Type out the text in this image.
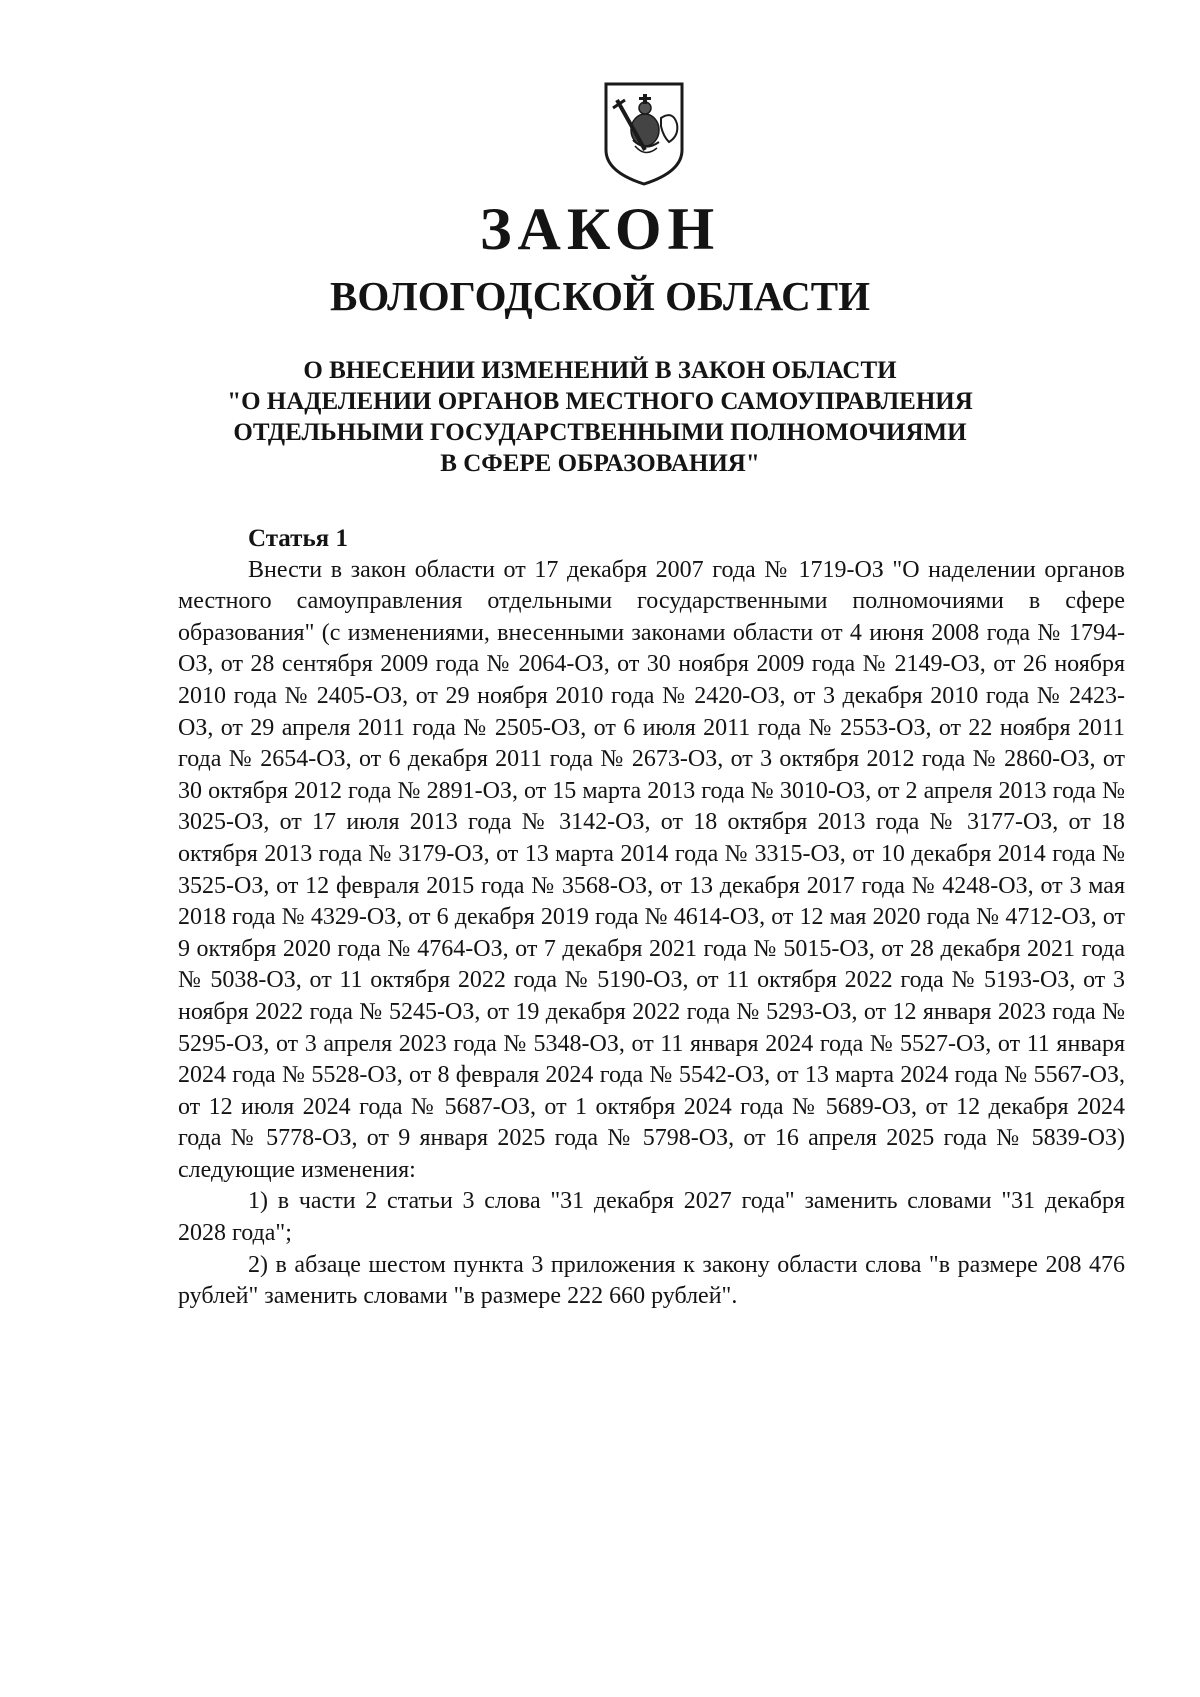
ЗАКОН
ВОЛОГОДСКОЙ ОБЛАСТИ
О ВНЕСЕНИИ ИЗМЕНЕНИЙ В ЗАКОН ОБЛАСТИ
"О НАДЕЛЕНИИ ОРГАНОВ МЕСТНОГО САМОУПРАВЛЕНИЯ
ОТДЕЛЬНЫМИ ГОСУДАРСТВЕННЫМИ ПОЛНОМОЧИЯМИ
В СФЕРЕ ОБРАЗОВАНИЯ"
Статья 1

Внести в закон области от 17 декабря 2007 года № 1719-ОЗ "О наделении органов местного самоуправления отдельными государственными полномочиями в сфере образования" (с изменениями, внесенными законами области от 4 июня 2008 года № 1794-ОЗ, от 28 сентября 2009 года № 2064-ОЗ, от 30 ноября 2009 года № 2149-ОЗ, от 26 ноября 2010 года № 2405-ОЗ, от 29 ноября 2010 года № 2420-ОЗ, от 3 декабря 2010 года № 2423-ОЗ, от 29 апреля 2011 года № 2505-ОЗ, от 6 июля 2011 года № 2553-ОЗ, от 22 ноября 2011 года № 2654-ОЗ, от 6 декабря 2011 года № 2673-ОЗ, от 3 октября 2012 года № 2860-ОЗ, от 30 октября 2012 года № 2891-ОЗ, от 15 марта 2013 года № 3010-ОЗ, от 2 апреля 2013 года № 3025-ОЗ, от 17 июля 2013 года № 3142-ОЗ, от 18 октября 2013 года № 3177-ОЗ, от 18 октября 2013 года № 3179-ОЗ, от 13 марта 2014 года № 3315-ОЗ, от 10 декабря 2014 года № 3525-ОЗ, от 12 февраля 2015 года № 3568-ОЗ, от 13 декабря 2017 года № 4248-ОЗ, от 3 мая 2018 года № 4329-ОЗ, от 6 декабря 2019 года № 4614-ОЗ, от 12 мая 2020 года № 4712-ОЗ, от 9 октября 2020 года № 4764-ОЗ, от 7 декабря 2021 года № 5015-ОЗ, от 28 декабря 2021 года № 5038-ОЗ, от 11 октября 2022 года № 5190-ОЗ, от 11 октября 2022 года № 5193-ОЗ, от 3 ноября 2022 года № 5245-ОЗ, от 19 декабря 2022 года № 5293-ОЗ, от 12 января 2023 года № 5295-ОЗ, от 3 апреля 2023 года № 5348-ОЗ, от 11 января 2024 года № 5527-ОЗ, от 11 января 2024 года № 5528-ОЗ, от 8 февраля 2024 года № 5542-ОЗ, от 13 марта 2024 года № 5567-ОЗ, от 12 июля 2024 года № 5687-ОЗ, от 1 октября 2024 года № 5689-ОЗ, от 12 декабря 2024 года № 5778-ОЗ, от 9 января 2025 года № 5798-ОЗ, от 16 апреля 2025 года № 5839-ОЗ) следующие изменения:

1) в части 2 статьи 3 слова "31 декабря 2027 года" заменить словами "31 декабря 2028 года";

2) в абзаце шестом пункта 3 приложения к закону области слова "в размере 208 476 рублей" заменить словами "в размере 222 660 рублей".
